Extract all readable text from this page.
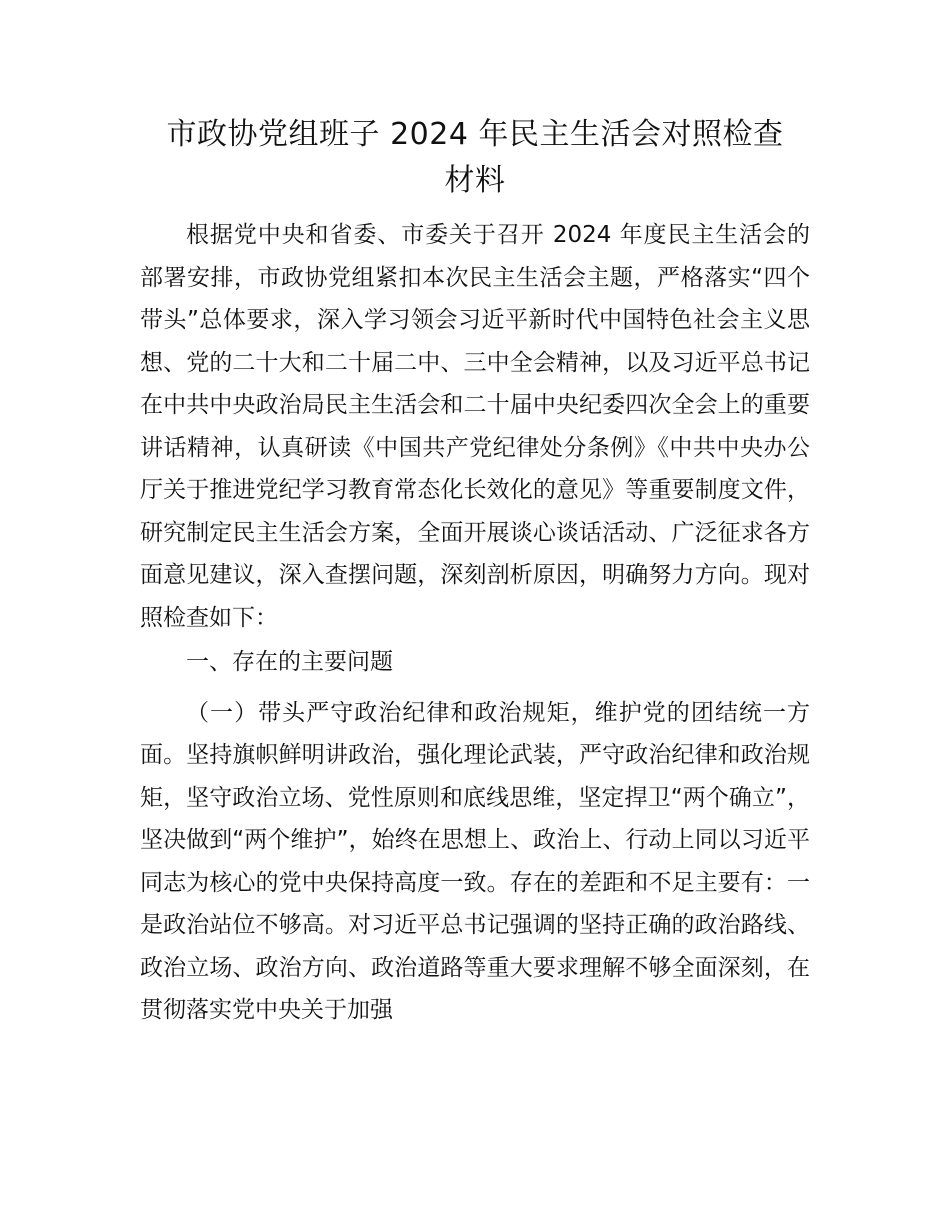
市政协党组班子 2024 年民主生活会对照检查
材料

根据党中央和省委、市委关于召开 2024 年度民主生活会的部署安排，市政协党组紧扣本次民主生活会主题，严格落实“四个带头”总体要求，深入学习领会习近平新时代中国特色社会主义思想、党的二十大和二十届二中、三中全会精神，以及习近平总书记在中共中央政治局民主生活会和二十届中央纪委四次全会上的重要讲话精神，认真研读《中国共产党纪律处分条例》《中共中央办公厅关于推进党纪学习教育常态化长效化的意见》等重要制度文件，研究制定民主生活会方案，全面开展谈心谈话活动、广泛征求各方面意见建议，深入查摆问题，深刻剖析原因，明确努力方向。现对照检查如下：

一、存在的主要问题

（一）带头严守政治纪律和政治规矩，维护党的团结统一方面。坚持旗帜鲜明讲政治，强化理论武装，严守政治纪律和政治规矩，坚守政治立场、党性原则和底线思维，坚定捍卫“两个确立”，坚决做到“两个维护”，始终在思想上、政治上、行动上同以习近平同志为核心的党中央保持高度一致。存在的差距和不足主要有：一是政治站位不够高。对习近平总书记强调的坚持正确的政治路线、政治立场、政治方向、政治道路等重大要求理解不够全面深刻，在贯彻落实党中央关于加强
